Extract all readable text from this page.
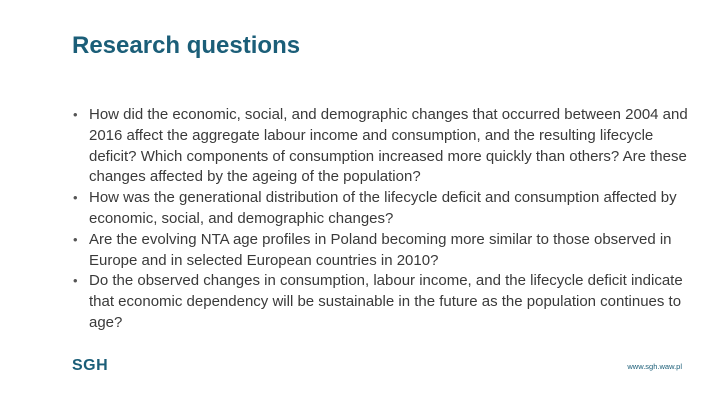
Research questions
• How did the economic, social, and demographic changes that occurred between 2004 and 2016 affect the aggregate labour income and consumption, and the resulting lifecycle deficit? Which components of consumption increased more quickly than others? Are these changes affected by the ageing of the population?
• How was the generational distribution of the lifecycle deficit and consumption affected by economic, social, and demographic changes?
• Are the evolving NTA age profiles in Poland becoming more similar to those observed in Europe and in selected European countries in 2010?
• Do the observed changes in consumption, labour income, and the lifecycle deficit indicate that economic dependency will be sustainable in the future as the population continues to age?
SGH	www.sgh.waw.pl
